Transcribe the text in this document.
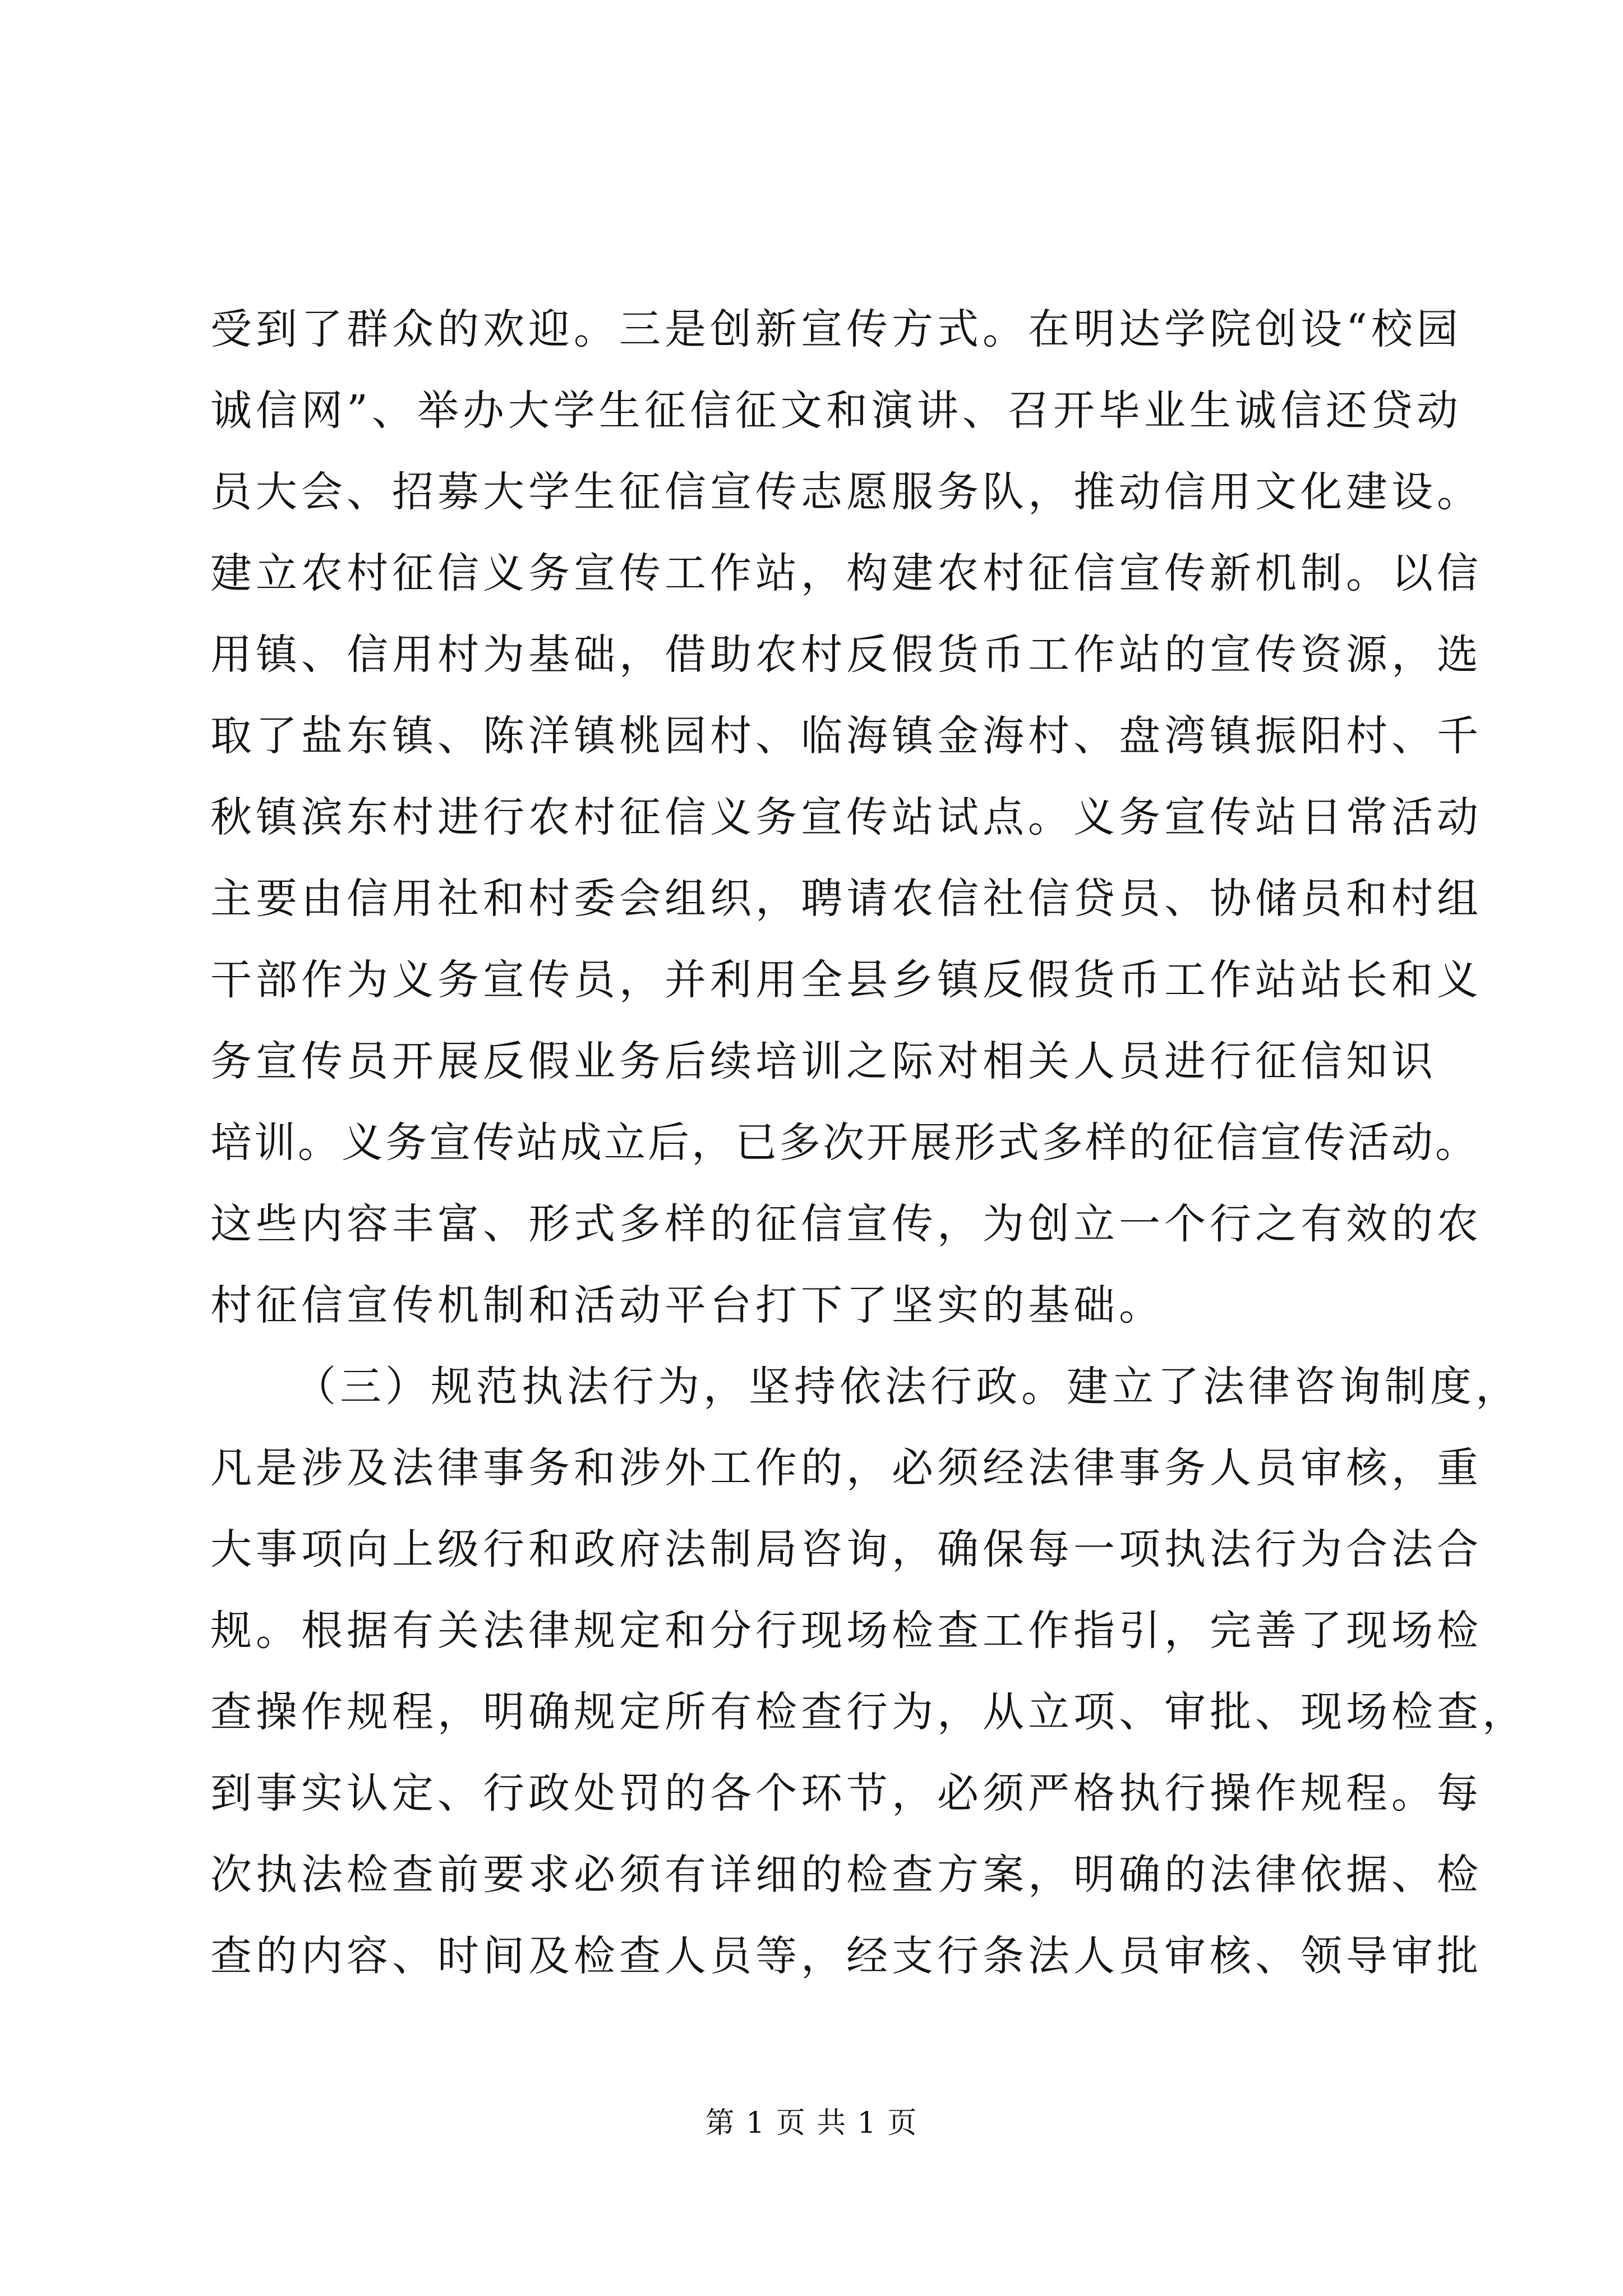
受到了群众的欢迎。三是创新宣传方式。在明达学院创设“校园
诚信网”、举办大学生征信征文和演讲、召开毕业生诚信还贷动
员大会、招募大学生征信宣传志愿服务队，推动信用文化建设。
建立农村征信义务宣传工作站，构建农村征信宣传新机制。以信
用镇、信用村为基础，借助农村反假货币工作站的宣传资源，选
取了盐东镇、陈洋镇桃园村、临海镇金海村、盘湾镇振阳村、千
秋镇滨东村进行农村征信义务宣传站试点。义务宣传站日常活动
主要由信用社和村委会组织，聘请农信社信贷员、协储员和村组
干部作为义务宣传员，并利用全县乡镇反假货币工作站站长和义
务宣传员开展反假业务后续培训之际对相关人员进行征信知识
培训。义务宣传站成立后，已多次开展形式多样的征信宣传活动。
这些内容丰富、形式多样的征信宣传，为创立一个行之有效的农
村征信宣传机制和活动平台打下了坚实的基础。
（三）规范执法行为，坚持依法行政。建立了法律咨询制度，
凡是涉及法律事务和涉外工作的，必须经法律事务人员审核，重
大事项向上级行和政府法制局咨询，确保每一项执法行为合法合
规。根据有关法律规定和分行现场检查工作指引，完善了现场检
查操作规程，明确规定所有检查行为，从立项、审批、现场检查，
到事实认定、行政处罚的各个环节，必须严格执行操作规程。每
次执法检查前要求必须有详细的检查方案，明确的法律依据、检
查的内容、时间及检查人员等，经支行条法人员审核、领导审批
第 1 页 共 1 页
